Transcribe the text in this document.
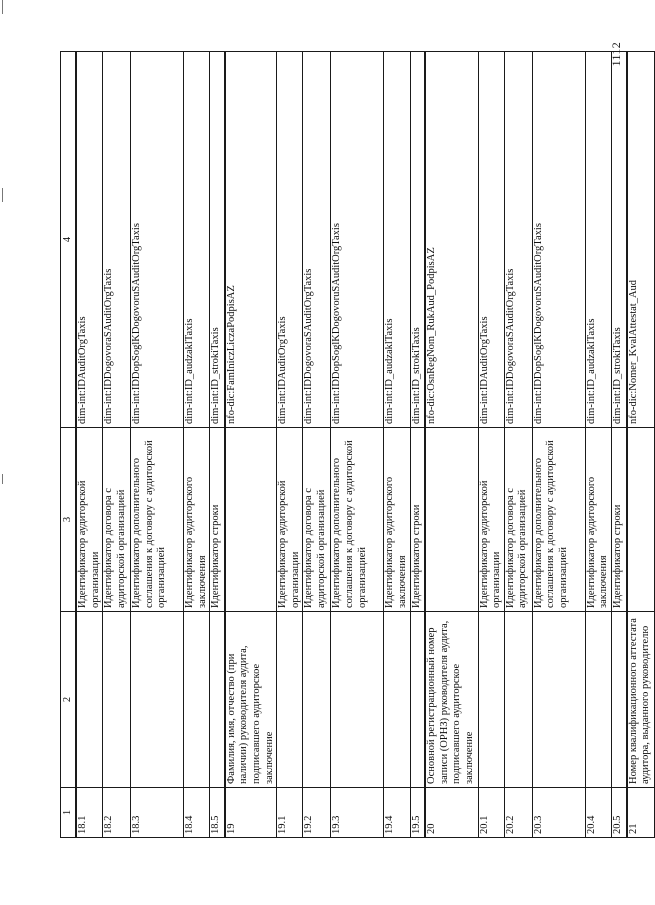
1112
1	2	3	4
18.1		Идентификатор аудиторской организации	dim-int:IDAuditOrgTaxis
18.2		Идентификатор договора с аудиторской организацией	dim-int:IDDogovoraSAuditOrgTaxis
18.3		Идентификатор дополнительного соглашения к договору с аудиторской организацией	dim-int:IDDopSoglKDogovoruSAuditOrgTaxis
18.4		Идентификатор аудиторского заключения	dim-int:ID_audzaklTaxis
18.5		Идентификатор строки	dim-int:ID_strokiTaxis
19	Фамилия, имя, отчество (при наличии) руководителя аудита, подписавшего аудиторское заключение		nfo-dic:FamIniczLiczaPodpisAZ
19.1		Идентификатор аудиторской организации	dim-int:IDAuditOrgTaxis
19.2		Идентификатор договора с аудиторской организацией	dim-int:IDDogovoraSAuditOrgTaxis
19.3		Идентификатор дополнительного соглашения к договору с аудиторской организацией	dim-int:IDDopSoglKDogovoruSAuditOrgTaxis
19.4		Идентификатор аудиторского заключения	dim-int:ID_audzaklTaxis
19.5		Идентификатор строки	dim-int:ID_strokiTaxis
20	Основной регистрационный номер записи (ОРНЗ) руководителя аудита, подписавшего аудиторское заключение		nfo-dic:OsnRegNom_RukAud_PodpisAZ
20.1		Идентификатор аудиторской организации	dim-int:IDAuditOrgTaxis
20.2		Идентификатор договора с аудиторской организацией	dim-int:IDDogovoraSAuditOrgTaxis
20.3		Идентификатор дополнительного соглашения к договору с аудиторской организацией	dim-int:IDDopSoglKDogovoruSAuditOrgTaxis
20.4		Идентификатор аудиторского заключения	dim-int:ID_audzaklTaxis
20.5		Идентификатор строки	dim-int:ID_strokiTaxis
21	Номер квалификационного аттестата аудитора, выданного руководителю		nfo-dic:Nomer_KvalAttestat_Aud
